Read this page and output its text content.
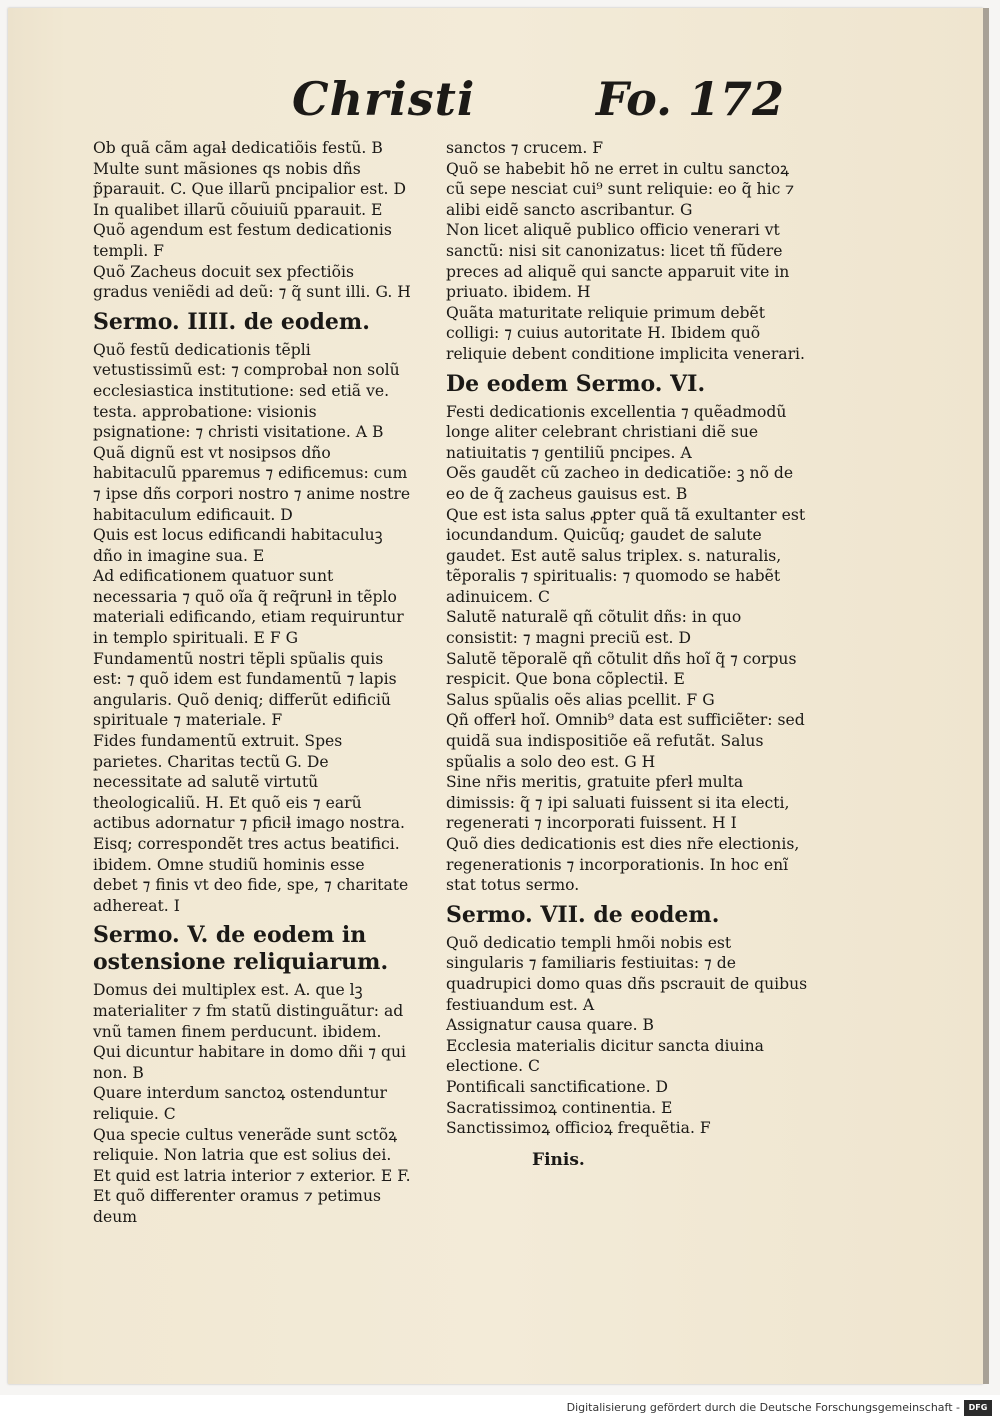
Christi	Fo. 172

Ob quã cãm agaƚ dedicatiõis festũ. B

Multe sunt mãsiones qs nobis dñs p̃parauit. C. Que illarũ pncipalior est. D

In qualibet illarũ cõuiuiũ pparauit. E

Quõ agendum est festum dedicationis templi. F

Quõ Zacheus docuit sex pfectiõis gradus veniẽdi ad deũ: ⁊ q̃ sunt illi. G. H

Sermo. IIII. de eodem.

Quõ festũ dedicationis tẽpli vetustissimũ est: ⁊ comprobaƚ non solũ ecclesiastica institutione: sed etiã ve. testa. approbatione: visionis psignatione: ⁊ christi visitatione. A B

Quã dignũ est vt nosipsos dño habitaculũ pparemus ⁊ edificemus: cum ⁊ ipse dñs corpori nostro ⁊ anime nostre habitaculum edificauit. D

Quis est locus edificandi habitaculuꝫ dño in imagine sua. E

Ad edificationem quatuor sunt necessaria ⁊ quõ oĩa q̃ req̃runƚ in tẽplo materiali edificando, etiam requiruntur in templo spirituali. E F G

Fundamentũ nostri tẽpli spũalis quis est: ⁊ quõ idem est fundamentũ ⁊ lapis angularis. Quõ deniq; differũt edificiũ spirituale ⁊ materiale. F

Fides fundamentũ extruit. Spes parietes. Charitas tectũ G. De necessitate ad salutẽ virtutũ theologicaliũ. H. Et quõ eis ⁊ earũ actibus adornatur ⁊ pficiƚ imago nostra. Eisq; correspondẽt tres actus beatifici. ibidem. Omne studiũ hominis esse debet ⁊ finis vt deo fide, spe, ⁊ charitate adhereat. I

Sermo. V. de eodem in ostensione reliquiarum.

Domus dei multiplex est. A. que lꝫ materialiter ⁊ fm statũ distinguãtur: ad vnũ tamen finem perducunt. ibidem.

Qui dicuntur habitare in domo dñi ⁊ qui non. B

Quare interdum sanctoꝝ ostenduntur reliquie. C

Qua specie cultus venerãde sunt sctõꝝ reliquie. Non latria que est solius dei. Et quid est latria interior ⁊ exterior. E F. Et quõ differenter oramus ⁊ petimus deum

sanctos ⁊ crucem. F

Quõ se habebit hõ ne erret in cultu sanctoꝝ cũ sepe nesciat cui⁹ sunt reliquie: eo q̃ hic ⁊ alibi eidẽ sancto ascribantur. G

Non licet aliquẽ publico officio venerari vt sanctũ: nisi sit canonizatus: licet tñ fũdere preces ad aliquẽ qui sancte apparuit vite in priuato. ibidem. H

Quãta maturitate reliquie primum debẽt colligi: ⁊ cuius autoritate H. Ibidem quõ reliquie debent conditione implicita venerari.

De eodem Sermo. VI.

Festi dedicationis excellentia ⁊ quẽadmodũ longe aliter celebrant christiani diẽ sue natiuitatis ⁊ gentiliũ pncipes. A

Oẽs gaudẽt cũ zacheo in dedicatiõe: ꝫ nõ de eo de q̃ zacheus gauisus est. B

Que est ista salus ꝓpter quã tã exultanter est iocundandum. Quicũq; gaudet de salute gaudet. Est autẽ salus triplex. s. naturalis, tẽporalis ⁊ spiritualis: ⁊ quomodo se habẽt adinuicem. C

Salutẽ naturalẽ qñ cõtulit dñs: in quo consistit: ⁊ magni preciũ est. D

Salutẽ tẽporalẽ qñ cõtulit dñs hoĩ q̃ ⁊ corpus respicit. Que bona cõplectiƚ. E

Salus spũalis oẽs alias pcellit. F G

Qñ offerƚ hoĩ. Omnib⁹ data est sufficiẽter: sed quidã sua indispositiõe eã refutãt. Salus spũalis a solo deo est. G H

Sine nr̃is meritis, gratuite pferƚ multa dimissis: q̃ ⁊ ipi saluati fuissent si ita electi, regenerati ⁊ incorporati fuissent. H I

Quõ dies dedicationis est dies nr̃e electionis, regenerationis ⁊ incorporationis. In hoc enĩ stat totus sermo.

Sermo. VII. de eodem.

Quõ dedicatio templi hmõi nobis est singularis ⁊ familiaris festiuitas: ⁊ de quadrupici domo quas dñs pscrauit de quibus festiuandum est. A

Assignatur causa quare. B

Ecclesia materialis dicitur sancta diuina electione. C

Pontificali sanctificatione. D

Sacratissimoꝝ continentia. E

Sanctissimoꝝ officioꝝ frequẽtia. F

Finis.
Digitalisierung gefördert durch die Deutsche Forschungsgemeinschaft -	DFG
